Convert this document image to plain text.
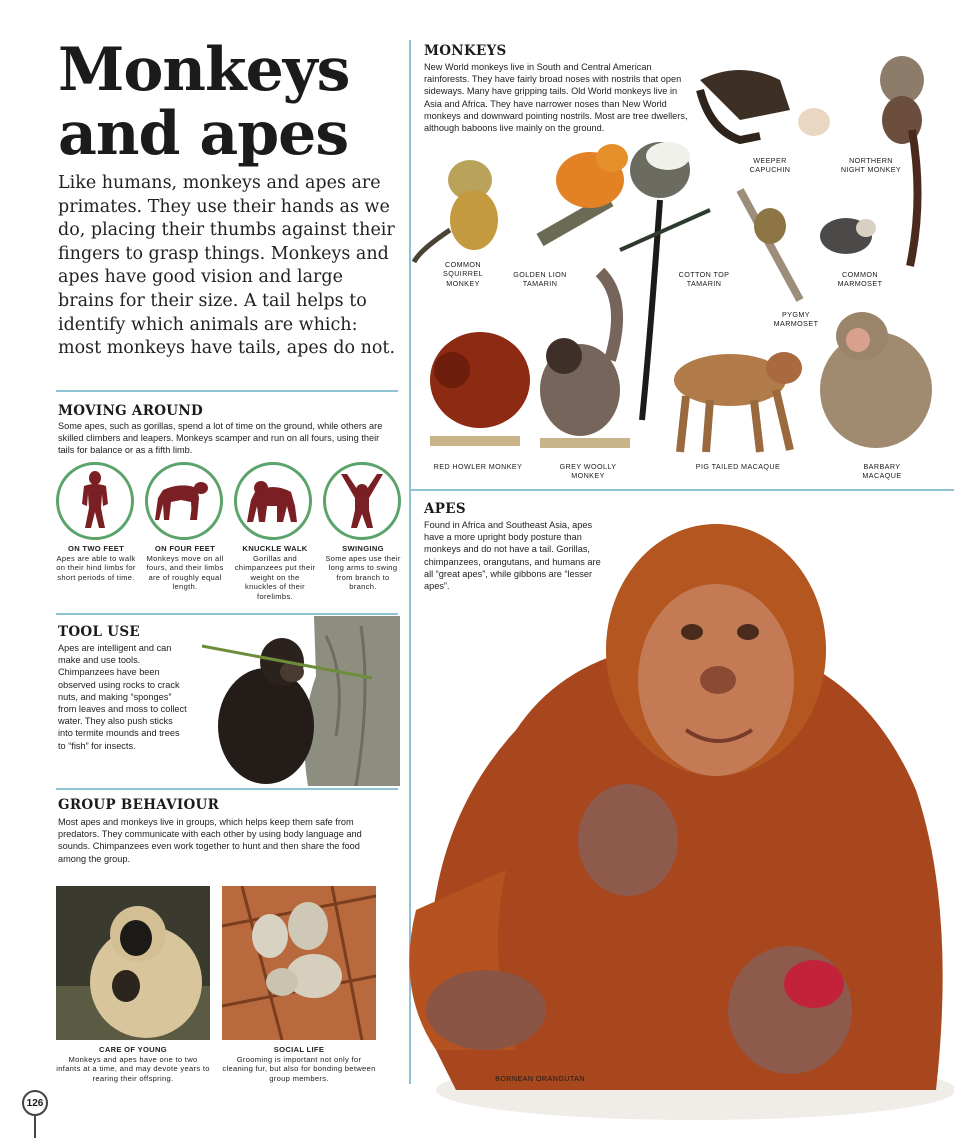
Monkeys and apes

Like humans, monkeys and apes are primates. They use their hands as we do, placing their thumbs against their fingers to grasp things. Monkeys and apes have good vision and large brains for their size. A tail helps to identify which animals are which: most monkeys have tails, apes do not.

MOVING AROUND

Some apes, such as gorillas, spend a lot of time on the ground, while others are skilled climbers and leapers. Monkeys scamper and run on all fours, using their tails for balance or as a fifth limb.

ON TWO FEET
Apes are able to walk on their hind limbs for short periods of time.
ON FOUR FEET
Monkeys move on all fours, and their limbs are of roughly equal length.
KNUCKLE WALK
Gorillas and chimpanzees put their weight on the knuckles of their forelimbs.
SWINGING
Some apes use their long arms to swing from branch to branch.
TOOL USE

Apes are intelligent and can make and use tools. Chimpanzees have been observed using rocks to crack nuts, and making “sponges” from leaves and moss to collect water. They also push sticks into termite mounds and trees to “fish” for insects.

GROUP BEHAVIOUR

Most apes and monkeys live in groups, which helps keep them safe from predators. They communicate with each other by using body language and sounds. Chimpanzees even work together to hunt and then share the food among the group.

CARE OF YOUNG
Monkeys and apes have one to two infants at a time, and may devote years to rearing their offspring.
SOCIAL LIFE
Grooming is important not only for cleaning fur, but also for bonding between group members.
MONKEYS

New World monkeys live in South and Central American rainforests. They have fairly broad noses with nostrils that open sideways. Many have gripping tails. Old World monkeys live in Asia and Africa. They have narrower noses than New World monkeys and downward pointing nostrils. Most are tree dwellers, although baboons live mainly on the ground.

WEEPER CAPUCHIN
NORTHERN NIGHT MONKEY
COMMON SQUIRREL MONKEY
GOLDEN LION TAMARIN
COTTON TOP TAMARIN
PYGMY MARMOSET
COMMON MARMOSET
RED HOWLER MONKEY	GREY WOOLLY MONKEY
PIG TAILED MACAQUE	BARBARY MACAQUE
APES

Found in Africa and Southeast Asia, apes have a more upright body posture than monkeys and do not have a tail. Gorillas, chimpanzees, orangutans, and humans are all “great apes”, while gibbons are “lesser apes”.

BORNEAN ORANGUTAN
126
